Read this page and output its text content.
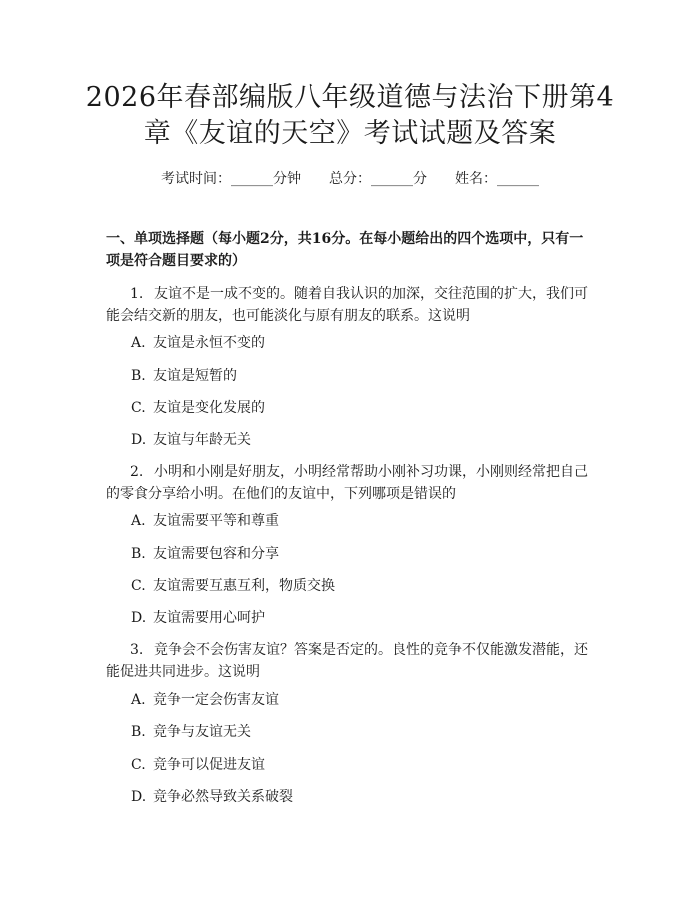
2026年春部编版八年级道德与法治下册第4
章《友谊的天空》考试试题及答案
考试时间：______分钟　　 总分：______分　　 姓名：______
一、单项选择题（每小题2分，共16分。在每小题给出的四个选项中，只有一项是符合题目要求的）
1. 友谊不是一成不变的。随着自我认识的加深，交往范围的扩大，我们可能会结交新的朋友，也可能淡化与原有朋友的联系。这说明
A. 友谊是永恒不变的
B. 友谊是短暂的
C. 友谊是变化发展的
D. 友谊与年龄无关
2. 小明和小刚是好朋友，小明经常帮助小刚补习功课，小刚则经常把自己的零食分享给小明。在他们的友谊中，下列哪项是错误的
A. 友谊需要平等和尊重
B. 友谊需要包容和分享
C. 友谊需要互惠互利，物质交换
D. 友谊需要用心呵护
3. 竞争会不会伤害友谊？答案是否定的。良性的竞争不仅能激发潜能，还能促进共同进步。这说明
A. 竞争一定会伤害友谊
B. 竞争与友谊无关
C. 竞争可以促进友谊
D. 竞争必然导致关系破裂
